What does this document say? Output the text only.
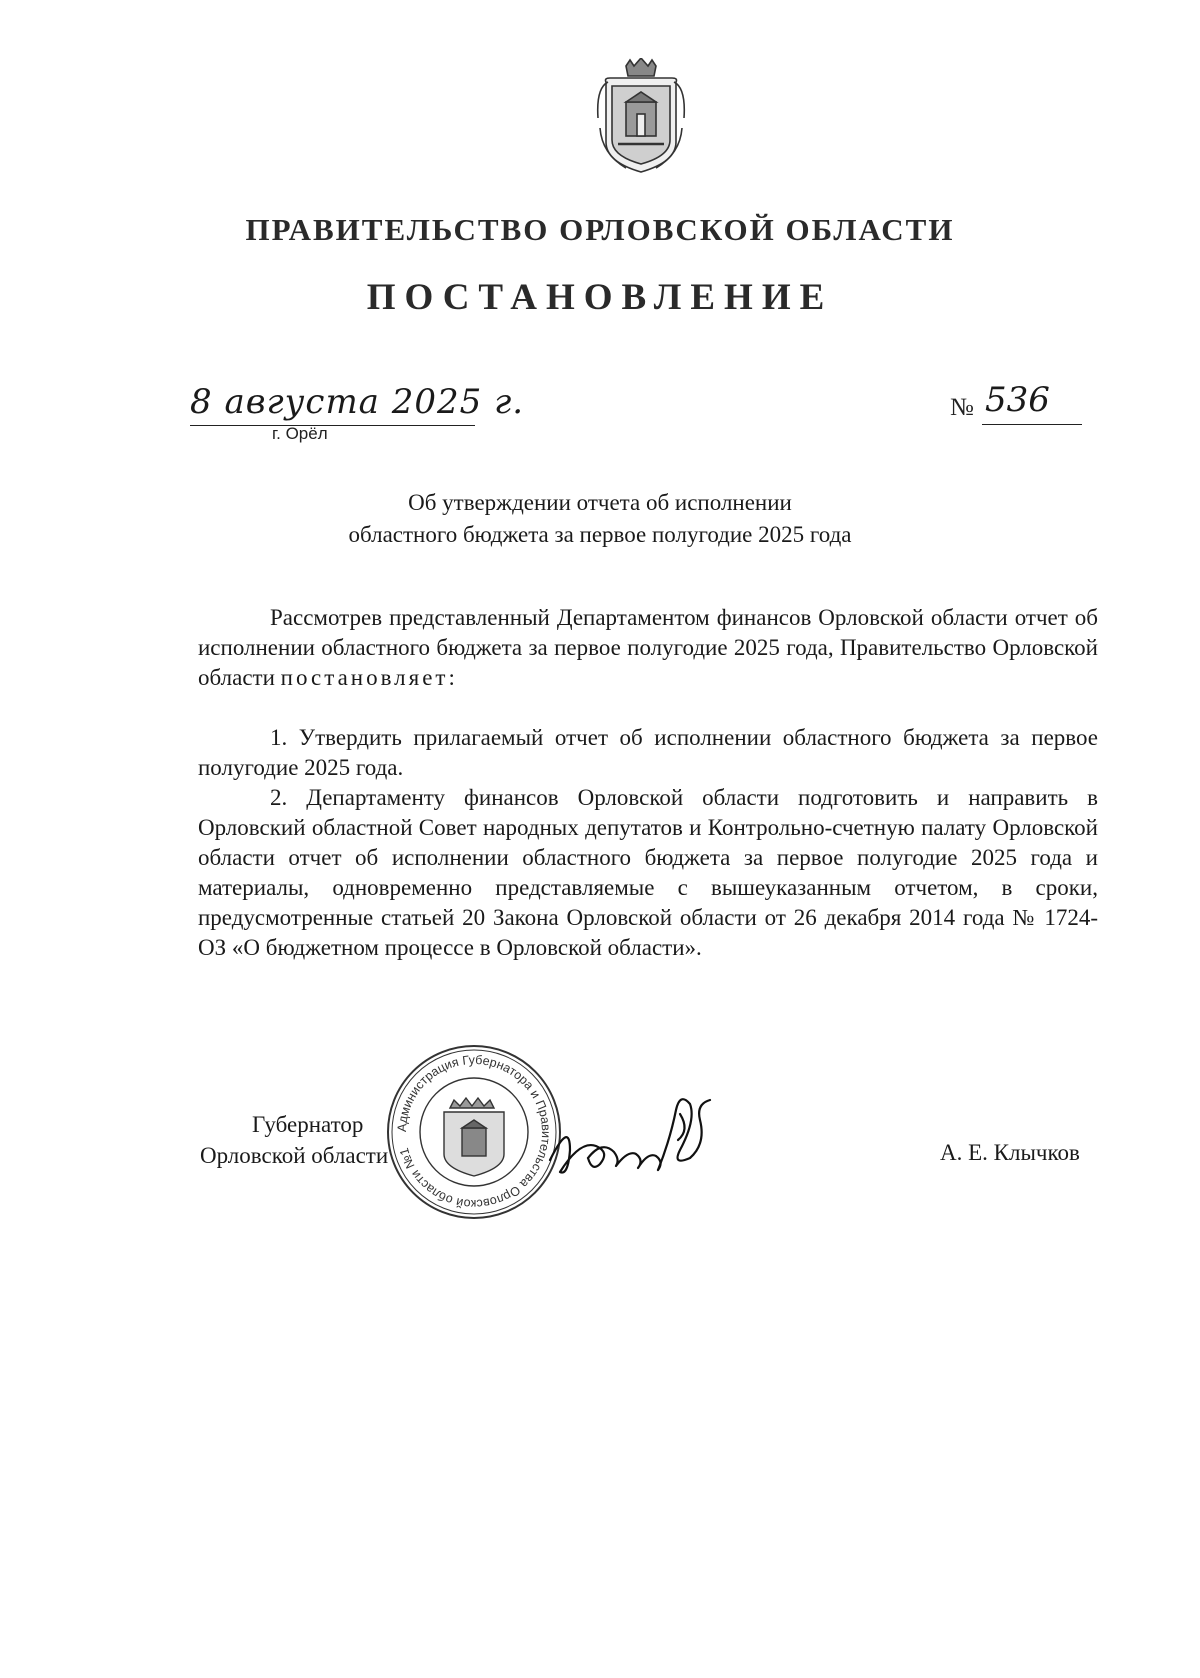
ПРАВИТЕЛЬСТВО ОРЛОВСКОЙ ОБЛАСТИ
ПОСТАНОВЛЕНИЕ
8 августа 2025 г.
г. Орёл
№ 536
Об утверждении отчета об исполнении
областного бюджета за первое полугодие 2025 года

Рассмотрев представленный Департаментом финансов Орловской области отчет об исполнении областного бюджета за первое полугодие 2025 года, Правительство Орловской области постановляет:

1. Утвердить прилагаемый отчет об исполнении областного бюджета за первое полугодие 2025 года.

2. Департаменту финансов Орловской области подготовить и направить в Орловский областной Совет народных депутатов и Контрольно-счетную палату Орловской области отчет об исполнении областного бюджета за первое полугодие 2025 года и материалы, одновременно представляемые с вышеуказанным отчетом, в сроки, предусмотренные статьей 20 Закона Орловской области от 26 декабря 2014 года № 1724-ОЗ «О бюджетном процессе в Орловской области».

Губернатор
Орловской области
Администрация Губернатора и Правительства Орловской области №1	А. Е. Клычков
